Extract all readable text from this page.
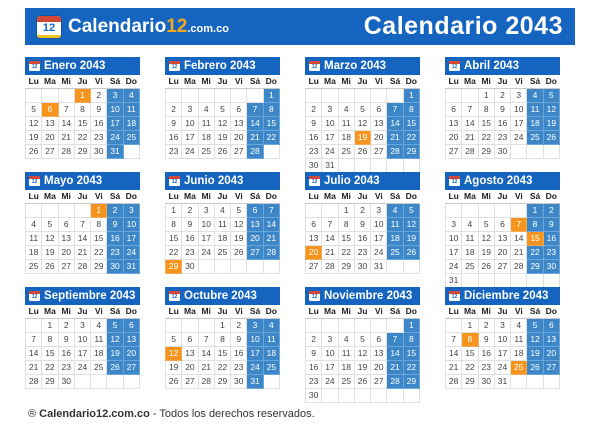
12 Calendario12.com.co	Calendario 2043
12 Enero 2043
Lu	Ma	Mi	Ju	Vi	Sá	Do
			1	2	3	4
5	6	7	8	9	10	11
12	13	14	15	16	17	18
19	20	21	22	23	24	25
26	27	28	29	30	31	
12 Febrero 2043
Lu	Ma	Mi	Ju	Vi	Sá	Do
						1
2	3	4	5	6	7	8
9	10	11	12	13	14	15
16	17	18	19	20	21	22
23	24	25	26	27	28	
12 Marzo 2043
Lu	Ma	Mi	Ju	Vi	Sá	Do
						1
2	3	4	5	6	7	8
9	10	11	12	13	14	15
16	17	18	19	20	21	22
23	24	25	26	27	28	29
30	31					
12 Abril 2043
Lu	Ma	Mi	Ju	Vi	Sá	Do
		1	2	3	4	5
6	7	8	9	10	11	12
13	14	15	16	17	18	19
20	21	22	23	24	25	26
27	28	29	30			
12 Mayo 2043
Lu	Ma	Mi	Ju	Vi	Sá	Do
				1	2	3
4	5	6	7	8	9	10
11	12	13	14	15	16	17
18	19	20	21	22	23	24
25	26	27	28	29	30	31
12 Junio 2043
Lu	Ma	Mi	Ju	Vi	Sá	Do
1	2	3	4	5	6	7
8	9	10	11	12	13	14
15	16	17	18	19	20	21
22	23	24	25	26	27	28
29	30					
12 Julio 2043
Lu	Ma	Mi	Ju	Vi	Sá	Do
		1	2	3	4	5
6	7	8	9	10	11	12
13	14	15	16	17	18	19
20	21	22	23	24	25	26
27	28	29	30	31		
12 Agosto 2043
Lu	Ma	Mi	Ju	Vi	Sá	Do
					1	2
3	4	5	6	7	8	9
10	11	12	13	14	15	16
17	18	19	20	21	22	23
24	25	26	27	28	29	30
31						
12 Septiembre 2043
Lu	Ma	Mi	Ju	Vi	Sá	Do
	1	2	3	4	5	6
7	8	9	10	11	12	13
14	15	16	17	18	19	20
21	22	23	24	25	26	27
28	29	30				
12 Octubre 2043
Lu	Ma	Mi	Ju	Vi	Sá	Do
			1	2	3	4
5	6	7	8	9	10	11
12	13	14	15	16	17	18
19	20	21	22	23	24	25
26	27	28	29	30	31	
12 Noviembre 2043
Lu	Ma	Mi	Ju	Vi	Sá	Do
						1
2	3	4	5	6	7	8
9	10	11	12	13	14	15
16	17	18	19	20	21	22
23	24	25	26	27	28	29
30						
12 Diciembre 2043
Lu	Ma	Mi	Ju	Vi	Sá	Do
	1	2	3	4	5	6
7	8	9	10	11	12	13
14	15	16	17	18	19	20
21	22	23	24	25	26	27
28	29	30	31			
® Calendario12.com.co - Todos los derechos reservados.
